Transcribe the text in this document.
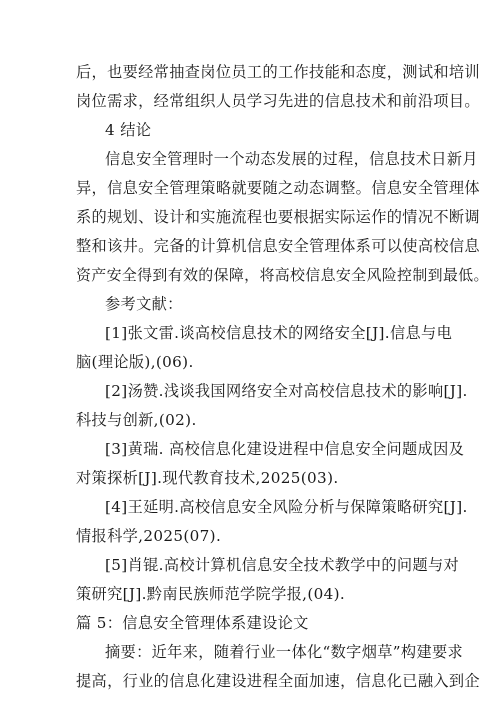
后，也要经常抽查岗位员工的工作技能和态度，测试和培训
岗位需求，经常组织人员学习先进的信息技术和前沿项目。
4 结论
信息安全管理时一个动态发展的过程，信息技术日新月
异，信息安全管理策略就要随之动态调整。信息安全管理体
系的规划、设计和实施流程也要根据实际运作的情况不断调
整和该井。完备的计算机信息安全管理体系可以使高校信息
资产安全得到有效的保障，将高校信息安全风险控制到最低。
参考文献：
[1]张文雷.谈高校信息技术的网络安全[J].信息与电
脑(理论版),(06).
[2]汤赞.浅谈我国网络安全对高校信息技术的影响[J].
科技与创新,(02).
[3]黄瑞. 高校信息化建设进程中信息安全问题成因及
对策探析[J].现代教育技术,2025(03).
[4]王延明.高校信息安全风险分析与保障策略研究[J].
情报科学,2025(07).
[5]肖锟.高校计算机信息安全技术教学中的问题与对
策研究[J].黔南民族师范学院学报,(04).
篇 5：信息安全管理体系建设论文
摘要：近年来，随着行业一体化“数字烟草”构建要求
提高，行业的信息化建设进程全面加速，信息化已融入到企
